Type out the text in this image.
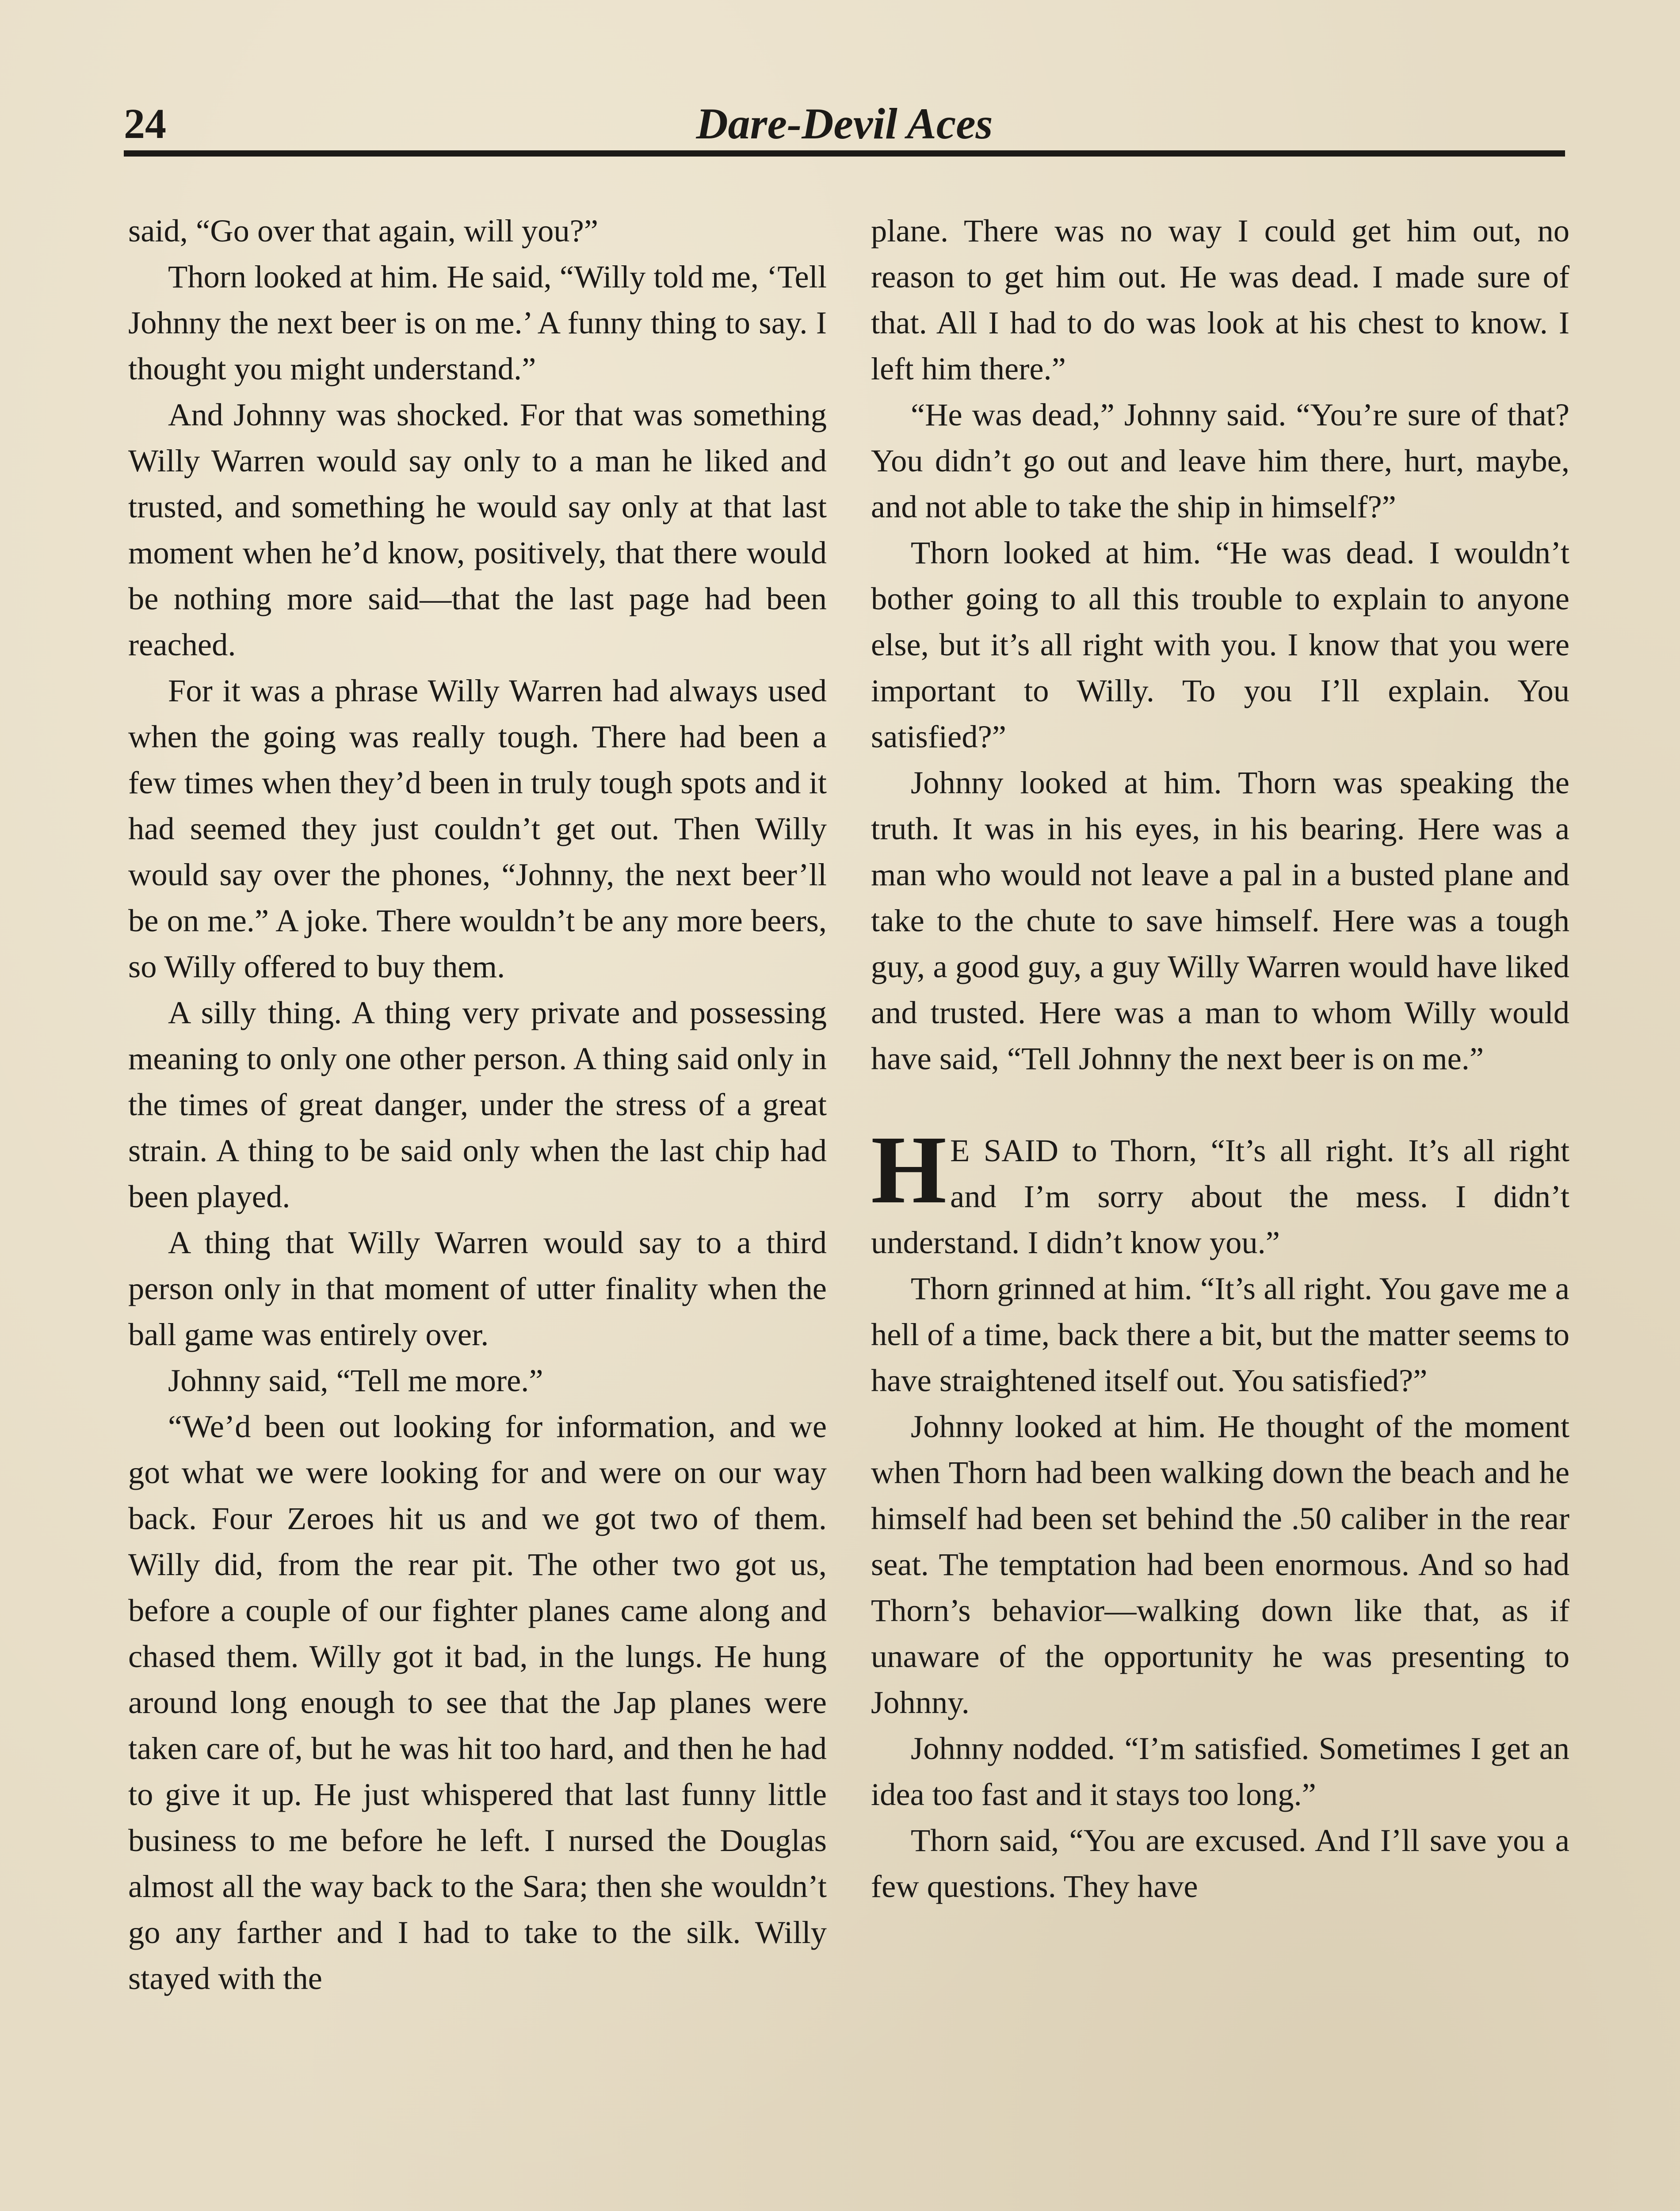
24	Dare-Devil Aces

said, “Go over that again, will you?”

Thorn looked at him. He said, “Willy told me, ‘Tell Johnny the next beer is on me.’ A funny thing to say. I thought you might understand.”

And Johnny was shocked. For that was something Willy Warren would say only to a man he liked and trusted, and something he would say only at that last moment when he’d know, positively, that there would be nothing more said—that the last page had been reached.

For it was a phrase Willy Warren had always used when the going was really tough. There had been a few times when they’d been in truly tough spots and it had seemed they just couldn’t get out. Then Willy would say over the phones, “Johnny, the next beer’ll be on me.” A joke. There wouldn’t be any more beers, so Willy offered to buy them.

A silly thing. A thing very private and possessing meaning to only one other person. A thing said only in the times of great danger, under the stress of a great strain. A thing to be said only when the last chip had been played.

A thing that Willy Warren would say to a third person only in that moment of utter finality when the ball game was entirely over.

Johnny said, “Tell me more.”

“We’d been out looking for information, and we got what we were looking for and were on our way back. Four Zeroes hit us and we got two of them. Willy did, from the rear pit. The other two got us, before a couple of our fighter planes came along and chased them. Willy got it bad, in the lungs. He hung around long enough to see that the Jap planes were taken care of, but he was hit too hard, and then he had to give it up. He just whispered that last funny little business to me before he left. I nursed the Douglas almost all the way back to the Sara; then she wouldn’t go any farther and I had to take to the silk. Willy stayed with the

plane. There was no way I could get him out, no reason to get him out. He was dead. I made sure of that. All I had to do was look at his chest to know. I left him there.”

“He was dead,” Johnny said. “You’re sure of that? You didn’t go out and leave him there, hurt, maybe, and not able to take the ship in himself?”

Thorn looked at him. “He was dead. I wouldn’t bother going to all this trouble to explain to anyone else, but it’s all right with you. I know that you were important to Willy. To you I’ll explain. You satisfied?”

Johnny looked at him. Thorn was speaking the truth. It was in his eyes, in his bearing. Here was a man who would not leave a pal in a busted plane and take to the chute to save himself. Here was a tough guy, a good guy, a guy Willy Warren would have liked and trusted. Here was a man to whom Willy would have said, “Tell Johnny the next beer is on me.”

H E SAID to Thorn, “It’s all right. It’s all right and I’m sorry about the mess. I didn’t understand. I didn’t know you.”

Thorn grinned at him. “It’s all right. You gave me a hell of a time, back there a bit, but the matter seems to have straightened itself out. You satisfied?”

Johnny looked at him. He thought of the moment when Thorn had been walking down the beach and he himself had been set behind the .50 caliber in the rear seat. The temptation had been enormous. And so had Thorn’s behavior—walking down like that, as if unaware of the opportunity he was presenting to Johnny.

Johnny nodded. “I’m satisfied. Sometimes I get an idea too fast and it stays too long.”

Thorn said, “You are excused. And I’ll save you a few questions. They have
